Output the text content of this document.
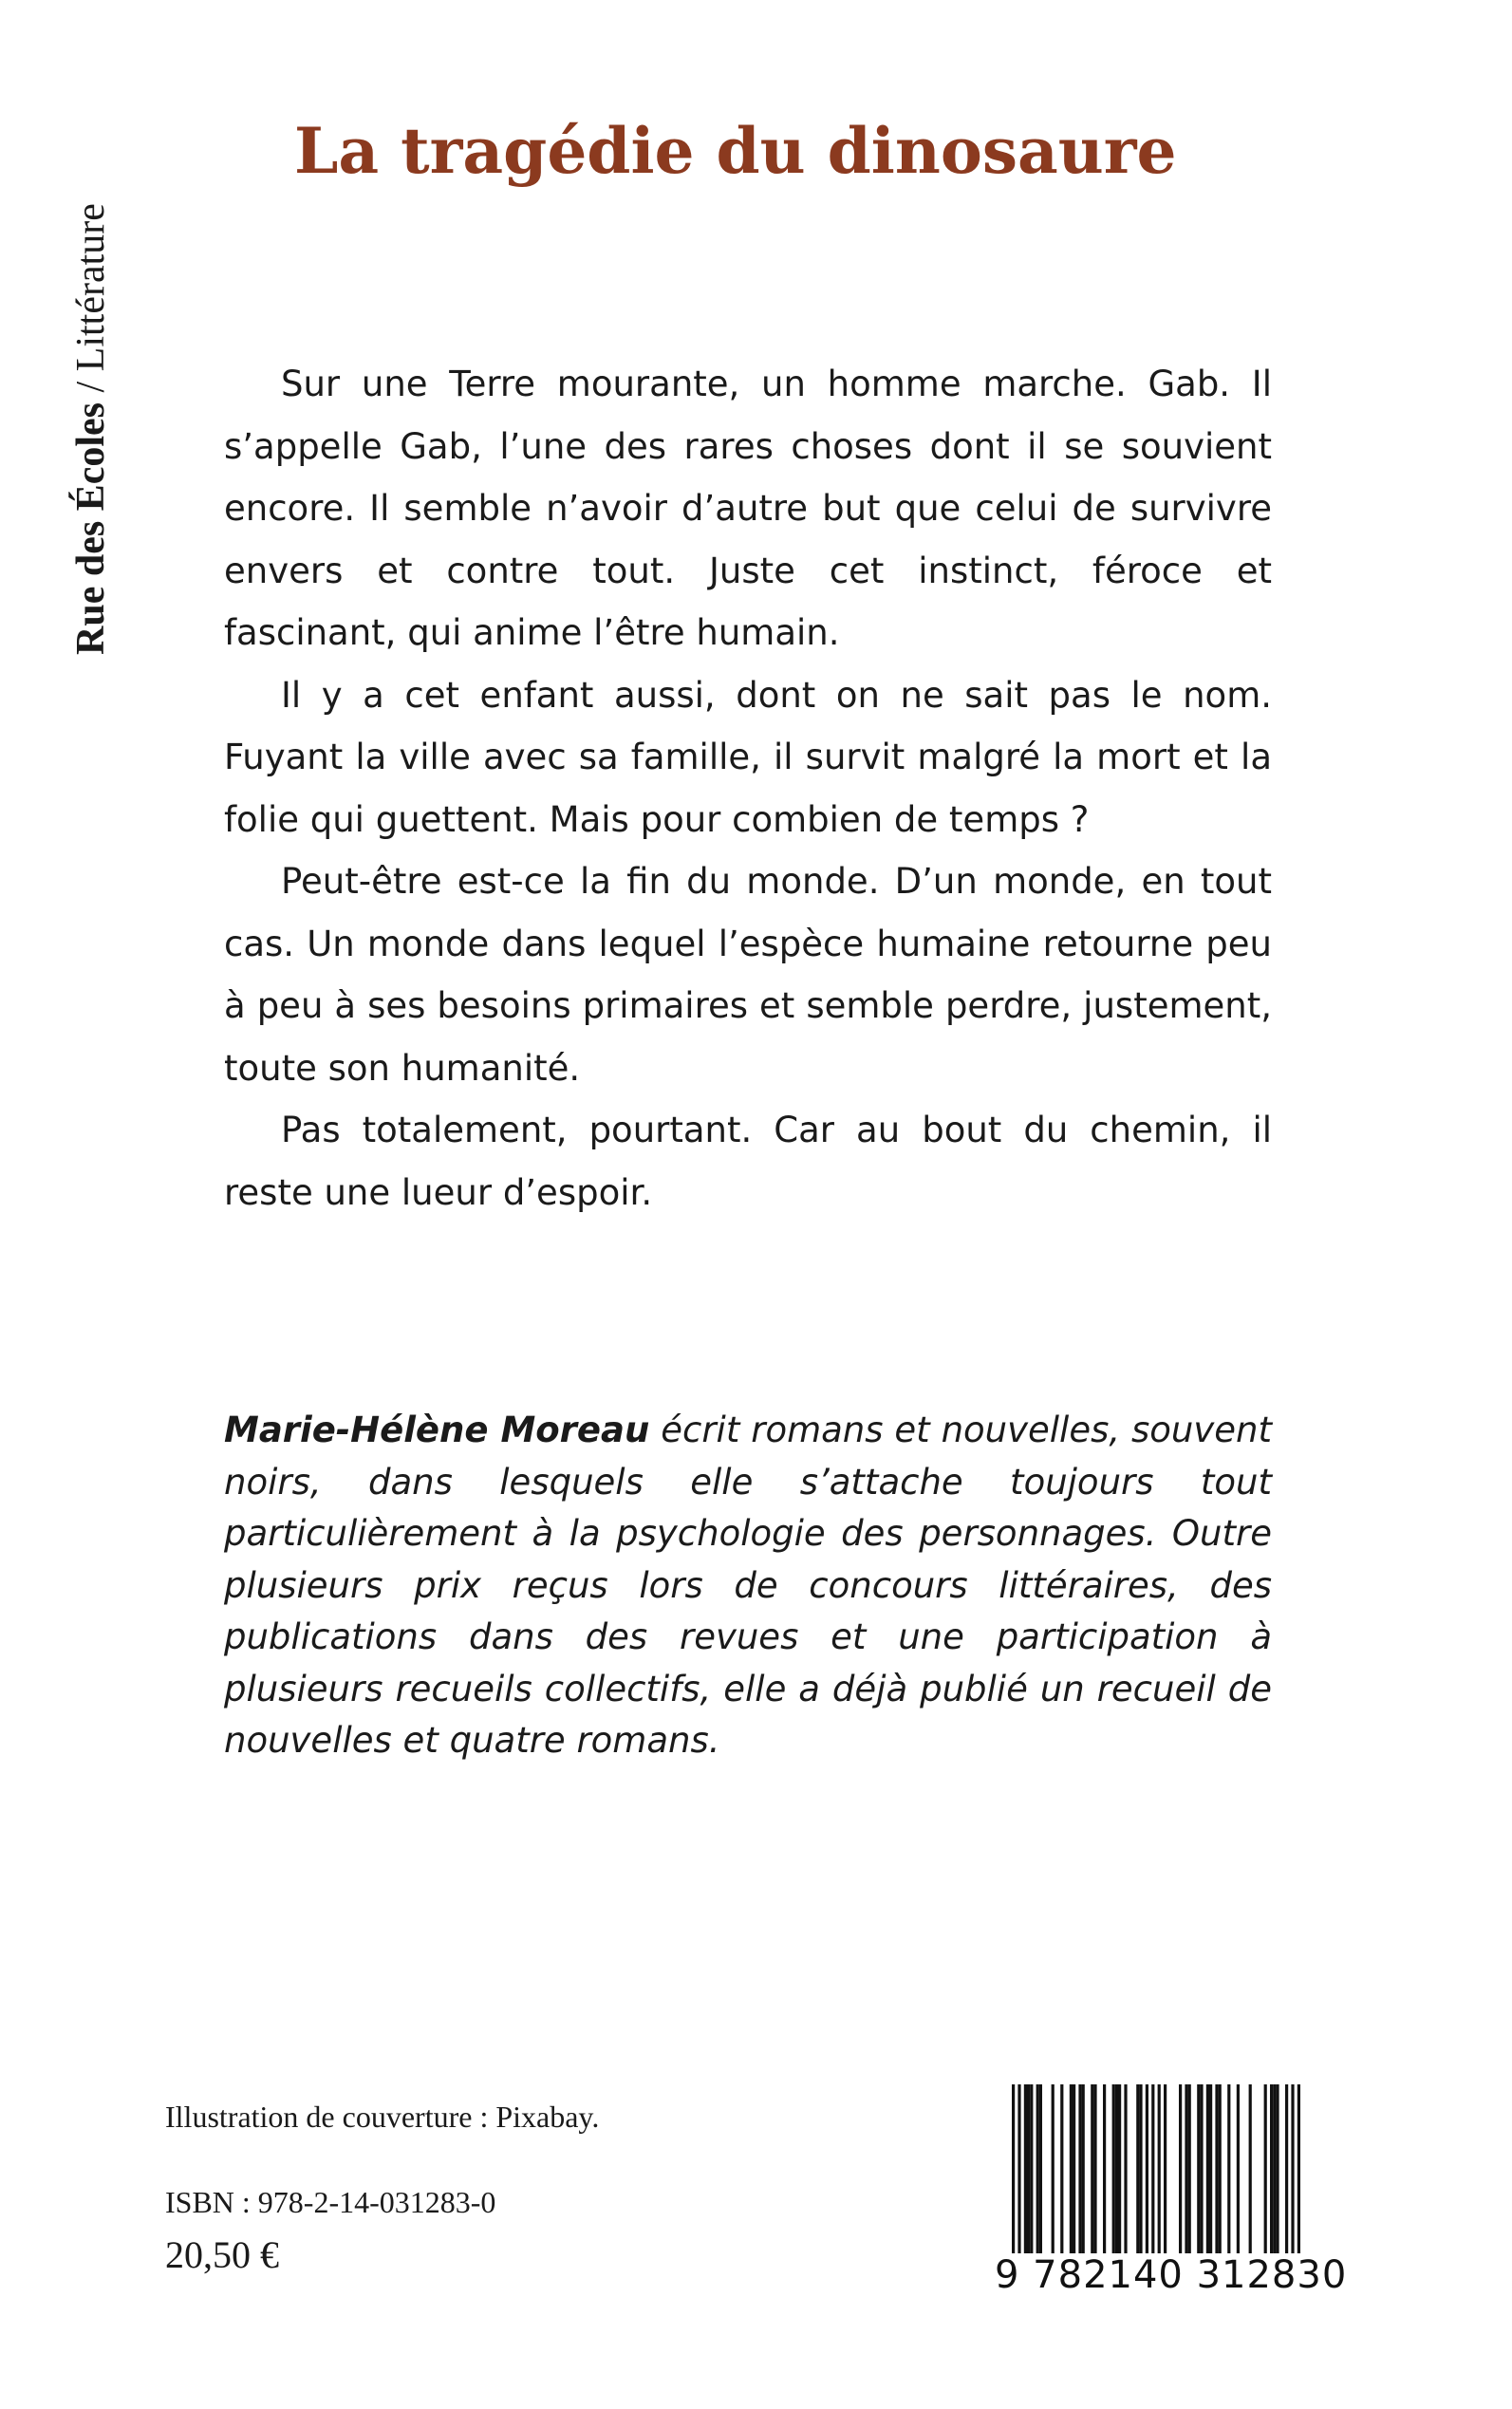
Rue des Écoles / Littérature
La tragédie du dinosaure

Sur une Terre mourante, un homme marche. Gab. Il s’appelle Gab, l’une des rares choses dont il se souvient encore. Il semble n’avoir d’autre but que celui de survivre envers et contre tout. Juste cet instinct, féroce et fascinant, qui anime l’être humain.

Il y a cet enfant aussi, dont on ne sait pas le nom. Fuyant la ville avec sa famille, il survit malgré la mort et la folie qui guettent. Mais pour combien de temps ?

Peut-être est-ce la fin du monde. D’un monde, en tout cas. Un monde dans lequel l’espèce humaine retourne peu à peu à ses besoins primaires et semble perdre, justement, toute son humanité.

Pas totalement, pourtant. Car au bout du chemin, il reste une lueur d’espoir.

Marie-Hélène Moreau écrit romans et nouvelles, souvent noirs, dans lesquels elle s’attache toujours tout particulièrement à la psychologie des personnages. Outre plusieurs prix reçus lors de concours littéraires, des publications dans des revues et une participation à plusieurs recueils collectifs, elle a déjà publié un recueil de nouvelles et quatre romans.

Illustration de couverture : Pixabay.
ISBN : 978-2-14-031283-0
20,50 €	9 782140 312830
